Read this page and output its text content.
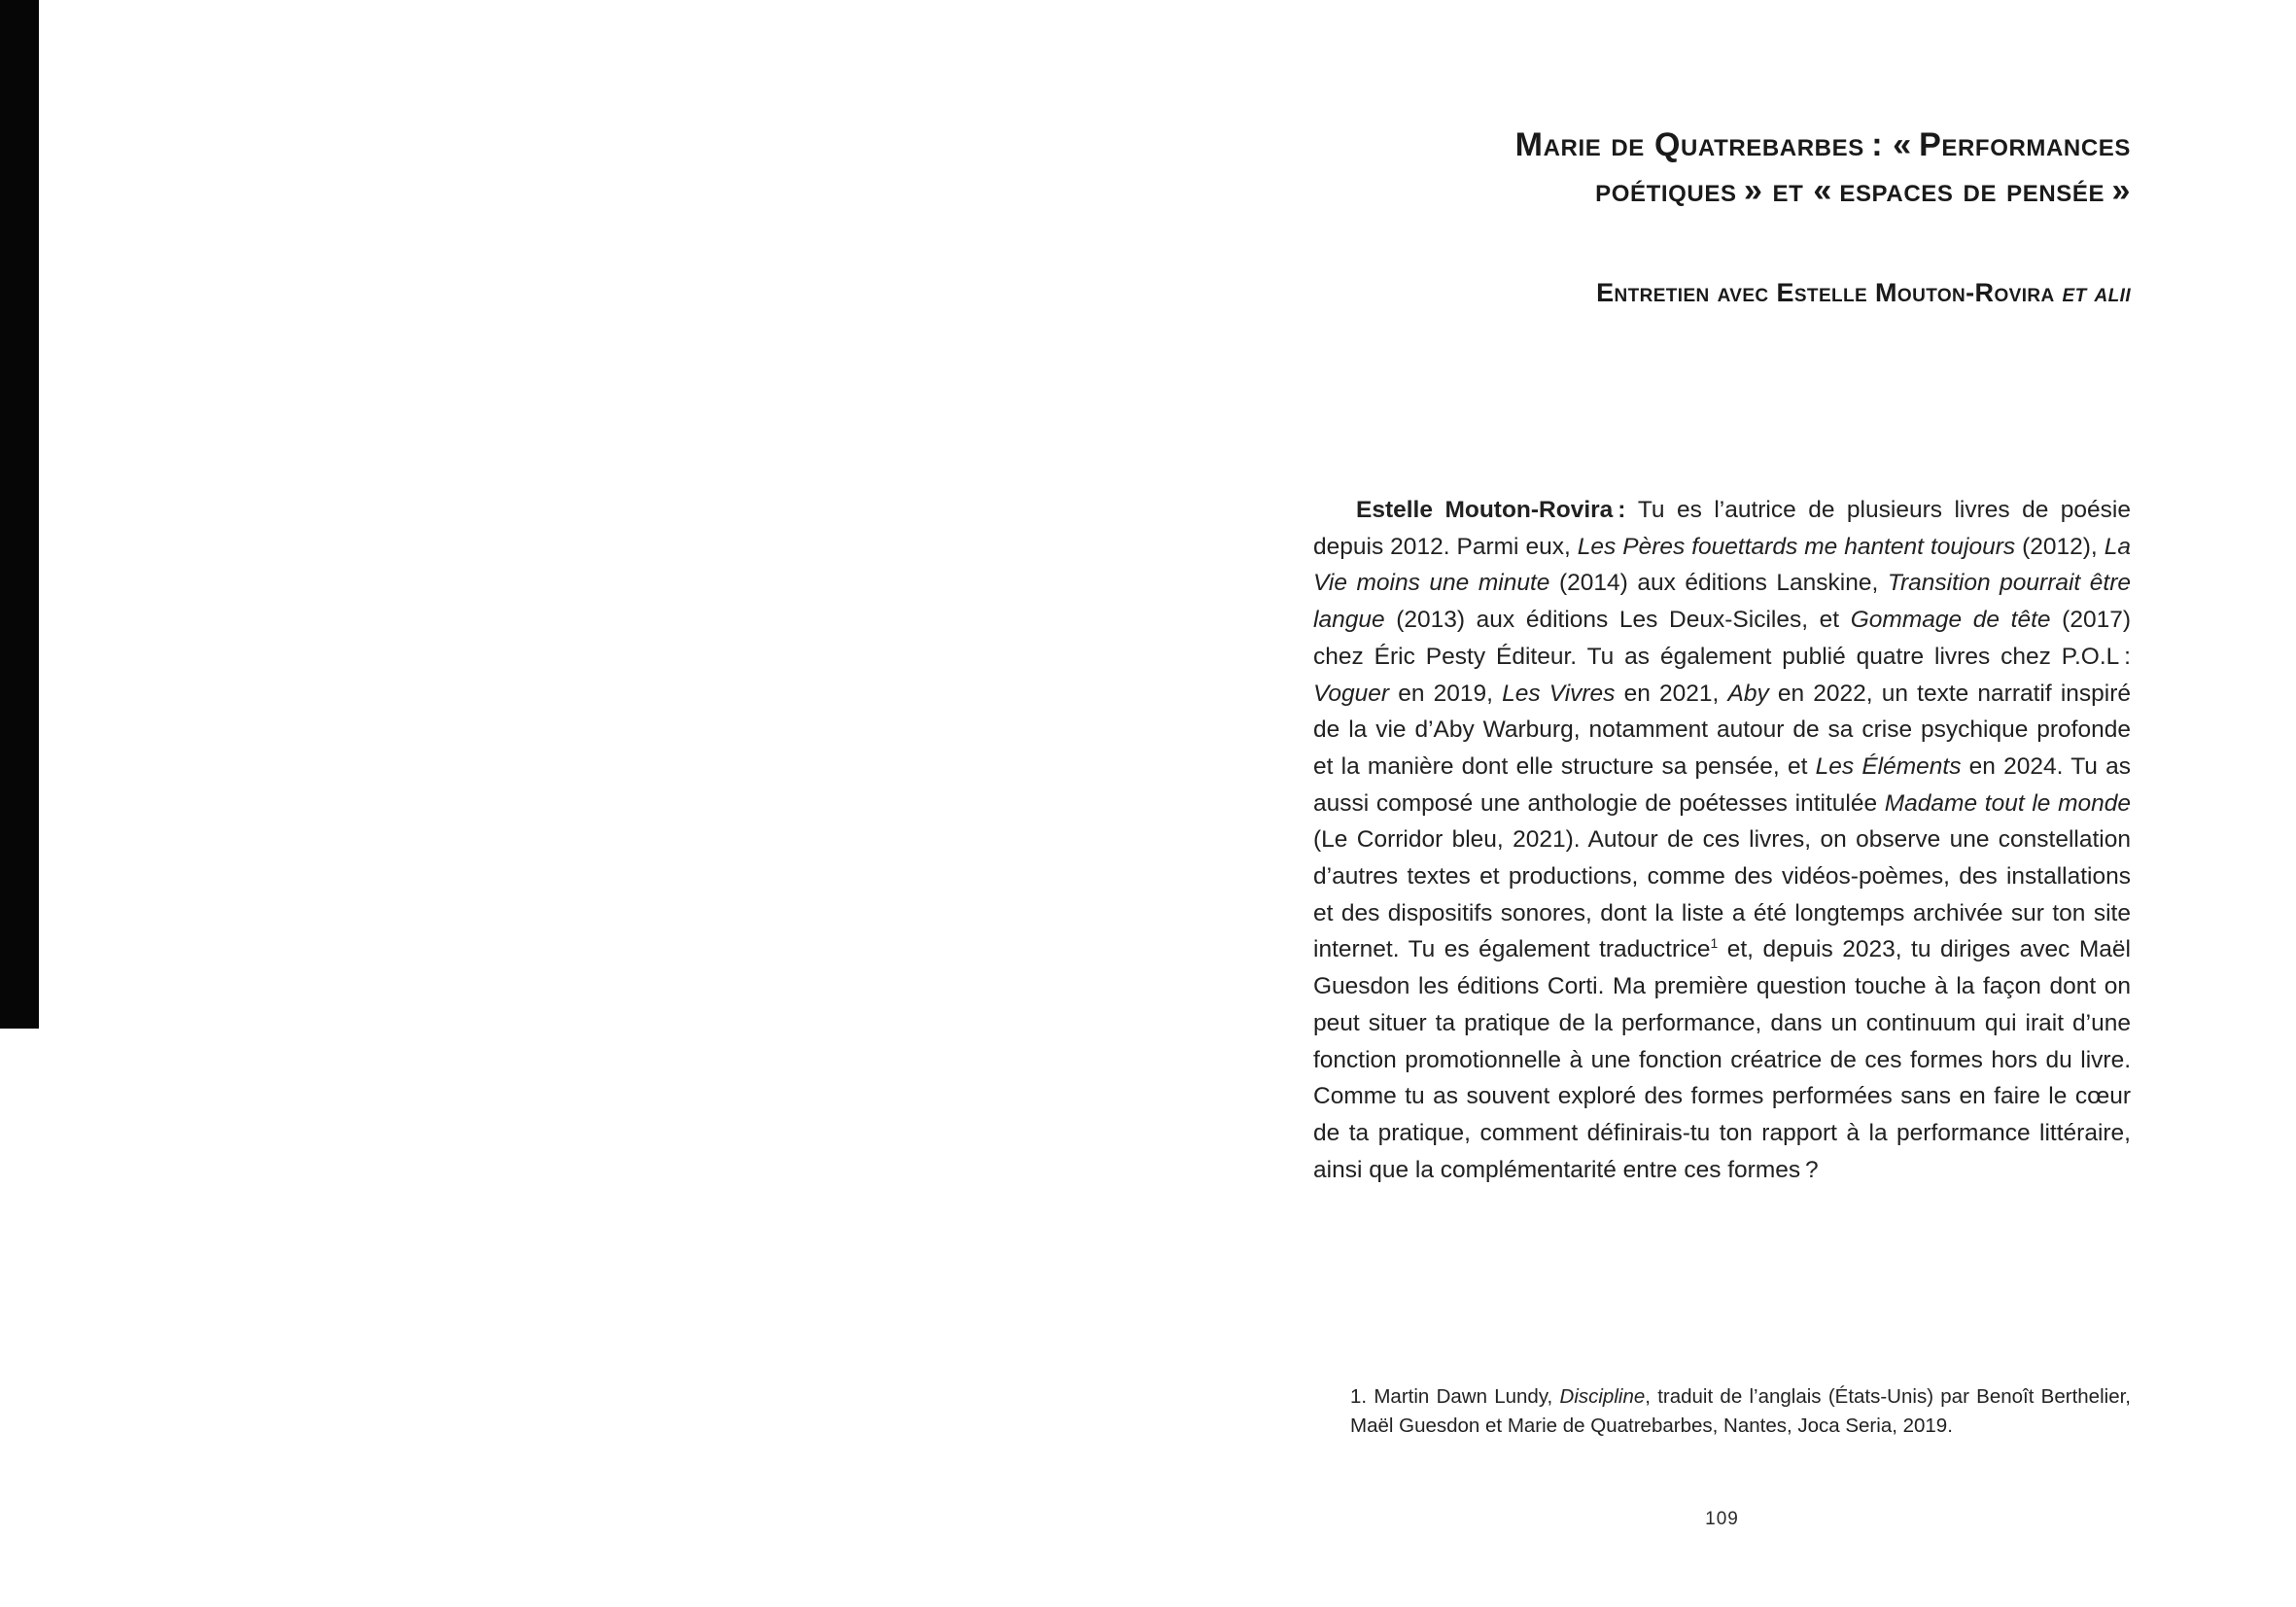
Marie de Quatrebarbes : « Performances
poétiques » et « espaces de pensée »
Entretien avec Estelle Mouton-Rovira et alii

Estelle Mouton-Rovira : Tu es l’autrice de plusieurs livres de poésie depuis 2012. Parmi eux, Les Pères fouettards me hantent toujours (2012), La Vie moins une minute (2014) aux éditions Lanskine, Transition pourrait être langue (2013) aux éditions Les Deux-Siciles, et Gommage de tête (2017) chez Éric Pesty Éditeur. Tu as également publié quatre livres chez P.O.L : Voguer en 2019, Les Vivres en 2021, Aby en 2022, un texte narratif inspiré de la vie d’Aby Warburg, notamment autour de sa crise psychique profonde et la manière dont elle structure sa pensée, et Les Éléments en 2024. Tu as aussi composé une anthologie de poétesses intitulée Madame tout le monde (Le Corridor bleu, 2021). Autour de ces livres, on observe une constellation d’autres textes et productions, comme des vidéos-poèmes, des installations et des dispositifs sonores, dont la liste a été longtemps archivée sur ton site internet. Tu es également traductrice$^1$ et, depuis 2023, tu diriges avec Maël Guesdon les éditions Corti. Ma première question touche à la façon dont on peut situer ta pratique de la performance, dans un continuum qui irait d’une fonction promotionnelle à une fonction créatrice de ces formes hors du livre. Comme tu as souvent exploré des formes performées sans en faire le cœur de ta pratique, comment définirais-tu ton rapport à la performance littéraire, ainsi que la complémentarité entre ces formes ?

1. Martin Dawn Lundy, Discipline, traduit de l’anglais (États-Unis) par Benoît Berthelier, Maël Guesdon et Marie de Quatrebarbes, Nantes, Joca Seria, 2019.

109
